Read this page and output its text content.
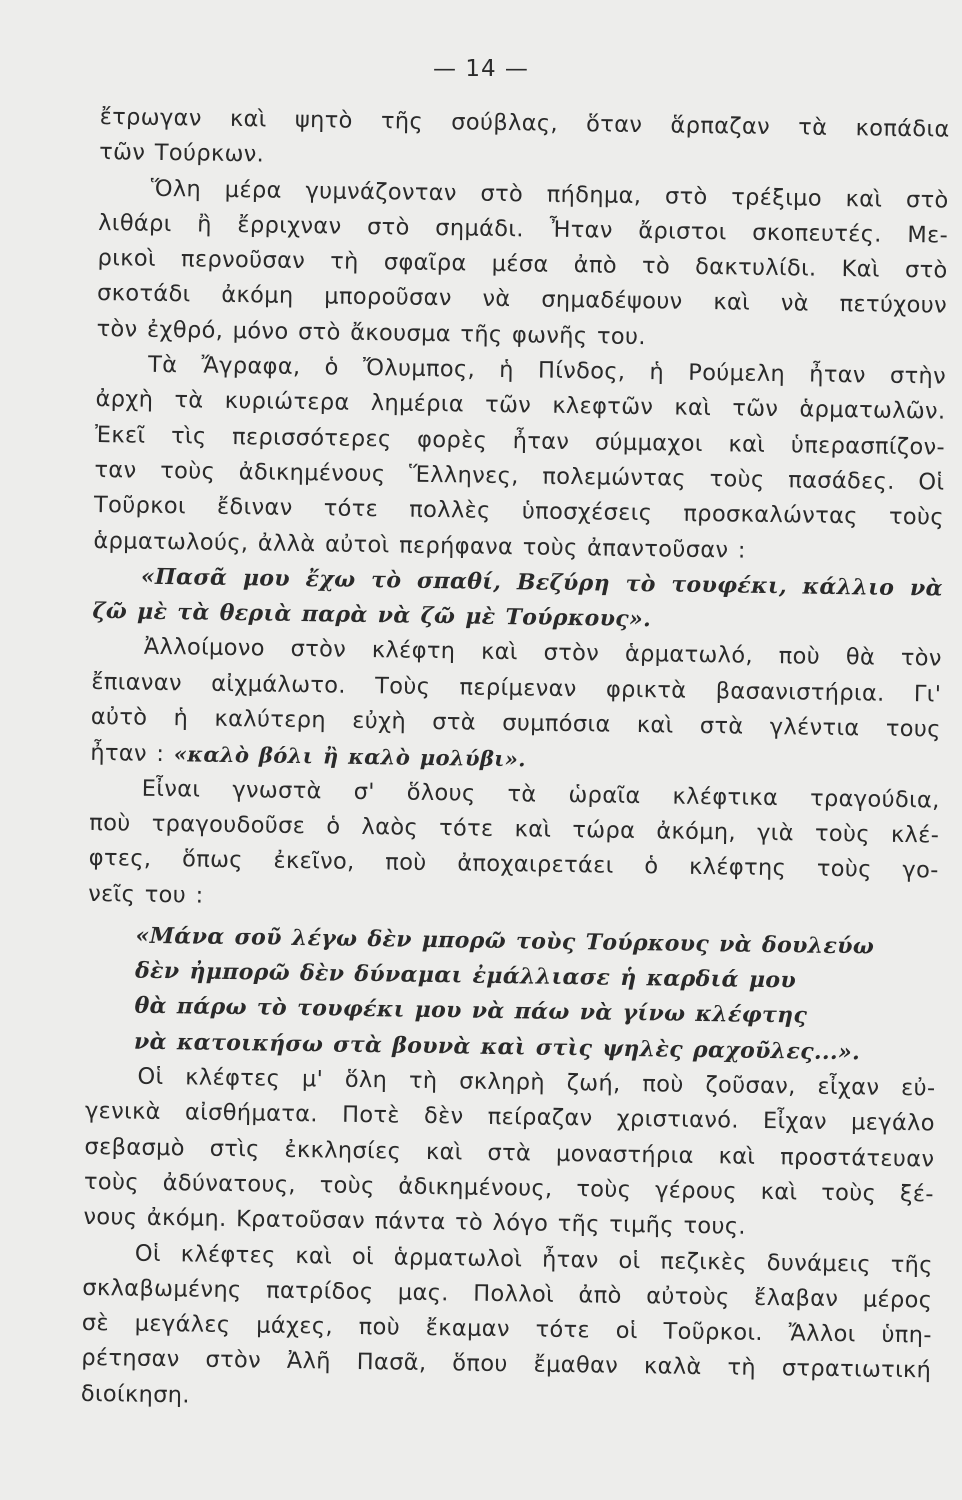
— 14 —
ἔτρωγαν καὶ ψητὸ τῆς σούβλας, ὅταν ἅρπαζαν τὰ κοπάδια
τῶν Τούρκων.
Ὅλη μέρα γυμνάζονταν στὸ πήδημα, στὸ τρέξιμο καὶ στὸ
λιθάρι ἢ ἔρριχναν στὸ σημάδι. Ἦταν ἄριστοι σκοπευτές. Με-
ρικοὶ περνοῦσαν τὴ σφαῖρα μέσα ἀπὸ τὸ δακτυλίδι. Καὶ στὸ
σκοτάδι ἀκόμη μποροῦσαν νὰ σημαδέψουν καὶ νὰ πετύχουν
τὸν ἐχθρό, μόνο στὸ ἄκουσμα τῆς φωνῆς του.
Τὰ Ἄγραφα, ὁ Ὄλυμπος, ἡ Πίνδος, ἡ Ρούμελη ἦταν στὴν
ἀρχὴ τὰ κυριώτερα λημέρια τῶν κλεφτῶν καὶ τῶν ἁρματωλῶν.
Ἐκεῖ τὶς περισσότερες φορὲς ἦταν σύμμαχοι καὶ ὑπερασπίζον-
ταν τοὺς ἀδικημένους Ἕλληνες, πολεμώντας τοὺς πασάδες. Οἱ
Τοῦρκοι ἔδιναν τότε πολλὲς ὑποσχέσεις προσκαλώντας τοὺς
ἁρματωλούς, ἀλλὰ αὐτοὶ περήφανα τοὺς ἀπαντοῦσαν :
«Πασᾶ μου ἔχω τὸ σπαθί, Βεζύρη τὸ τουφέκι, κάλλιο νὰ
ζῶ μὲ τὰ θεριὰ παρὰ νὰ ζῶ μὲ Τούρκους».
Ἀλλοίμονο στὸν κλέφτη καὶ στὸν ἁρματωλό, ποὺ θὰ τὸν
ἔπιαναν αἰχμάλωτο. Τοὺς περίμεναν φρικτὰ βασανιστήρια. Γι'
αὐτὸ ἡ καλύτερη εὐχὴ στὰ συμπόσια καὶ στὰ γλέντια τους
ἦταν : «καλὸ βόλι ἢ καλὸ μολύβι».
Εἶναι γνωστὰ σ' ὅλους τὰ ὡραῖα κλέφτικα τραγούδια,
ποὺ τραγουδοῦσε ὁ λαὸς τότε καὶ τώρα ἀκόμη, γιὰ τοὺς κλέ-
φτες, ὅπως ἐκεῖνο, ποὺ ἀποχαιρετάει ὁ κλέφτης τοὺς γο-
νεῖς του :
«Μάνα σοῦ λέγω δὲν μπορῶ τοὺς Τούρκους νὰ δουλεύω
δὲν ἠμπορῶ δὲν δύναμαι ἐμάλλιασε ἡ καρδιά μου
θὰ πάρω τὸ τουφέκι μου νὰ πάω νὰ γίνω κλέφτης
νὰ κατοικήσω στὰ βουνὰ καὶ στὶς ψηλὲς ραχοῦλες...».
Οἱ κλέφτες μ' ὅλη τὴ σκληρὴ ζωή, ποὺ ζοῦσαν, εἶχαν εὐ-
γενικὰ αἰσθήματα. Ποτὲ δὲν πείραζαν χριστιανό. Εἶχαν μεγάλο
σεβασμὸ στὶς ἐκκλησίες καὶ στὰ μοναστήρια καὶ προστάτευαν
τοὺς ἀδύνατους, τοὺς ἀδικημένους, τοὺς γέρους καὶ τοὺς ξέ-
νους ἀκόμη. Κρατοῦσαν πάντα τὸ λόγο τῆς τιμῆς τους.
Οἱ κλέφτες καὶ οἱ ἁρματωλοὶ ἦταν οἱ πεζικὲς δυνάμεις τῆς
σκλαβωμένης πατρίδος μας. Πολλοὶ ἀπὸ αὐτοὺς ἔλαβαν μέρος
σὲ μεγάλες μάχες, ποὺ ἔκαμαν τότε οἱ Τοῦρκοι. Ἄλλοι ὑπη-
ρέτησαν στὸν Ἀλῆ Πασᾶ, ὅπου ἔμαθαν καλὰ τὴ στρατιωτική
διοίκηση.
